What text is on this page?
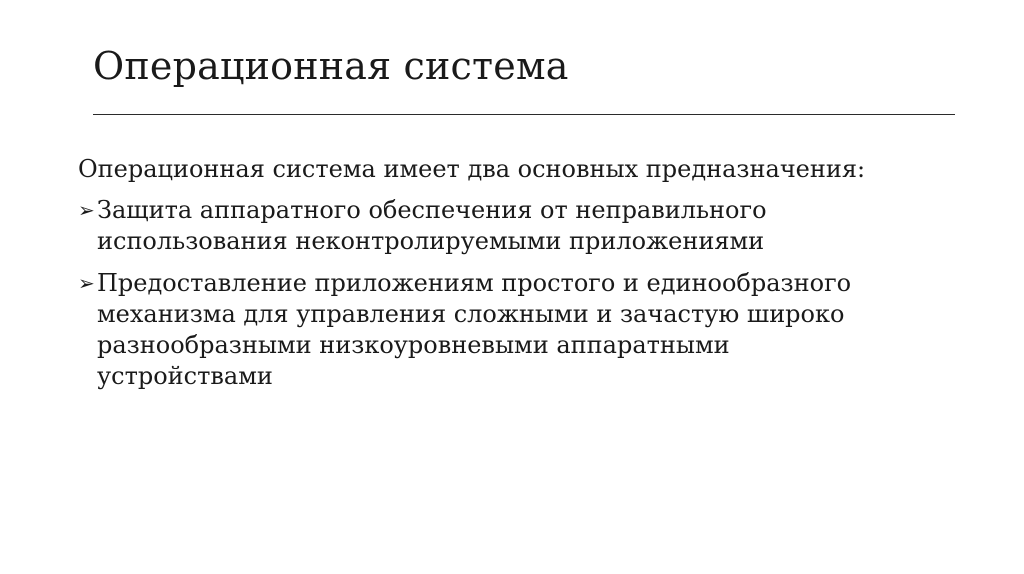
Операционная система
Операционная система имеет два основных предназначения:
➢ Защита аппаратного обеспечения от неправильного
использования неконтролируемыми приложениями
➢ Предоставление приложениям простого и единообразного
механизма для управления сложными и зачастую широко
разнообразными низкоуровневыми аппаратными
устройствами
